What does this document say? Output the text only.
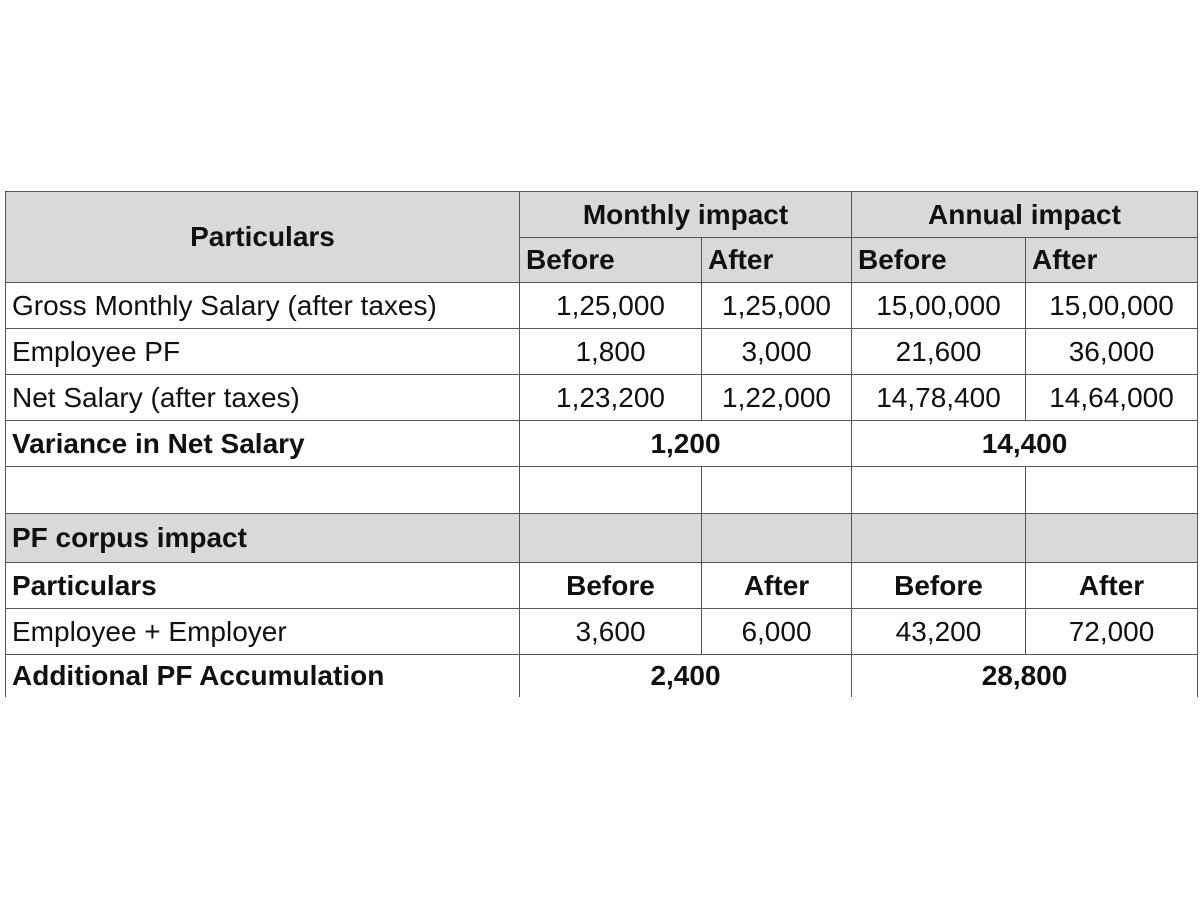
Particulars	Monthly impact		Annual impact	
	Before	After	Before	After
Gross Monthly Salary (after taxes)	1,25,000	1,25,000	15,00,000	15,00,000
Employee PF	1,800	3,000	21,600	36,000
Net Salary (after taxes)	1,23,200	1,22,000	14,78,400	14,64,000
Variance in Net Salary	1,200		14,400	

PF corpus impact				
Particulars	Before	After	Before	After
Employee + Employer	3,600	6,000	43,200	72,000
Additional PF Accumulation	2,400		28,800	
